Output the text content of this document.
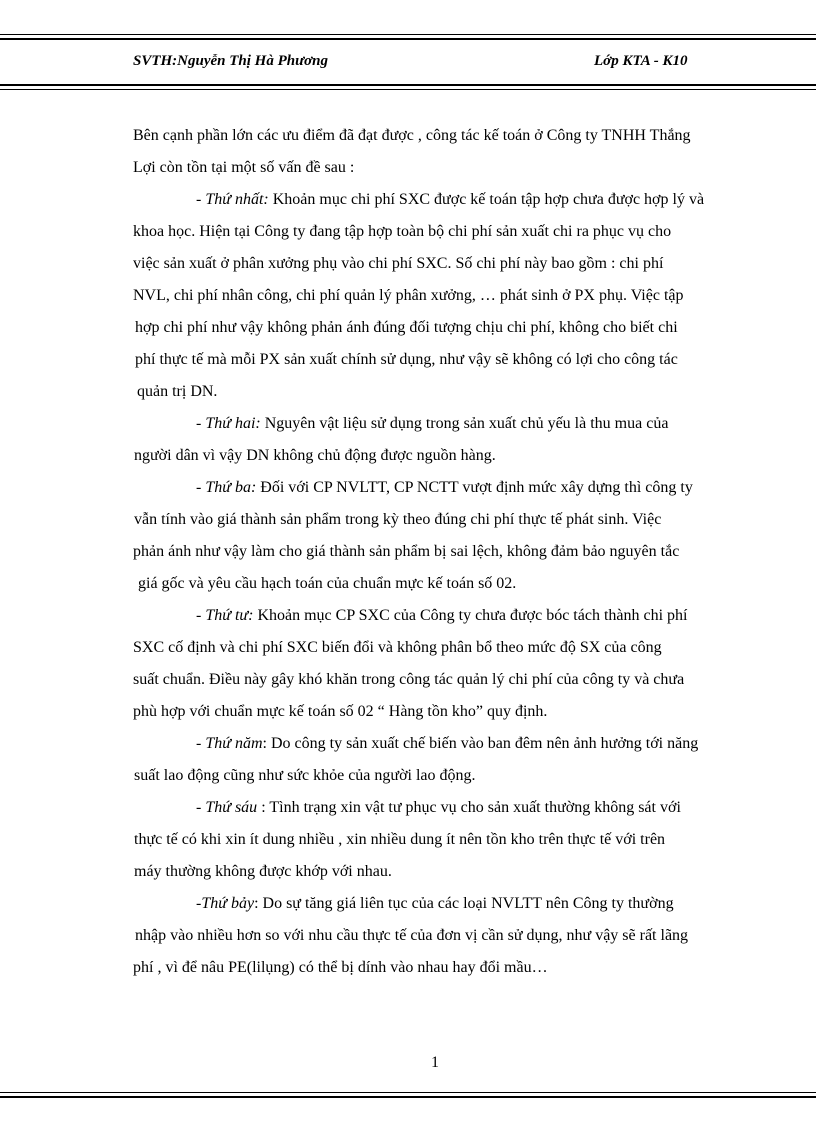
SVTH:Nguyễn Thị Hà Phương	Lớp KTA - K10

Bên cạnh phần lớn các ưu điểm đã đạt được , công tác kế toán ở Công ty TNHH Thắng

Lợi còn tồn tại một số vấn đề sau :

- Thứ nhất: Khoản mục chi phí SXC được kế toán tập hợp chưa được hợp lý và

khoa học. Hiện tại Công ty đang tập hợp toàn bộ chi phí sản xuất chi ra phục vụ cho

việc sản xuất ở phân xưởng phụ vào chi phí SXC. Số chi phí này bao gồm : chi phí

NVL, chi phí nhân công, chi phí quản lý phân xưởng, … phát sinh ở PX phụ. Việc tập

hợp chi phí như vậy không phản ánh đúng đối tượng chịu chi phí, không cho biết chi

phí thực tế mà mỗi PX sản xuất chính sử dụng, như vậy sẽ không có lợi cho công tác

quản trị DN.

- Thứ hai: Nguyên vật liệu sử dụng trong sản xuất chủ yếu là thu mua của

người dân vì vậy DN không chủ động được nguồn hàng.

- Thứ ba: Đối với CP NVLTT, CP NCTT vượt định mức xây dựng thì công ty

vẫn tính vào giá thành sản phẩm trong kỳ theo đúng chi phí thực tế phát sinh. Việc

phản ánh như vậy làm cho giá thành sản phẩm bị sai lệch, không đảm bảo nguyên tắc

giá gốc và yêu cầu hạch toán của chuẩn mực kế toán số 02.

- Thứ tư: Khoản mục CP SXC của Công ty chưa được bóc tách thành chi phí

SXC cố định và chi phí SXC biến đổi và không phân bổ theo mức độ SX của công

suất chuẩn. Điều này gây khó khăn trong công tác quản lý chi phí của công ty và chưa

phù hợp với chuẩn mực kế toán số 02 “ Hàng tồn kho” quy định.

- Thứ năm: Do công ty sản xuất chế biến vào ban đêm nên ảnh hưởng tới năng

suất lao động cũng như sức khỏe của người lao động.

- Thứ sáu : Tình trạng xin vật tư phục vụ cho sản xuất thường không sát với

thực tế có khi xin ít dung nhiều , xin nhiều dung ít nên tồn kho trên thực tế với trên

máy thường không được khớp với nhau.

-Thứ bảy: Do sự tăng giá liên tục của các loại NVLTT nên Công ty thường

nhập vào nhiều hơn so với nhu cầu thực tế của đơn vị cần sử dụng, như vậy sẽ rất lãng

phí , vì để nâu PE(lilụng) có thể bị dính vào nhau hay đổi mầu…

1
